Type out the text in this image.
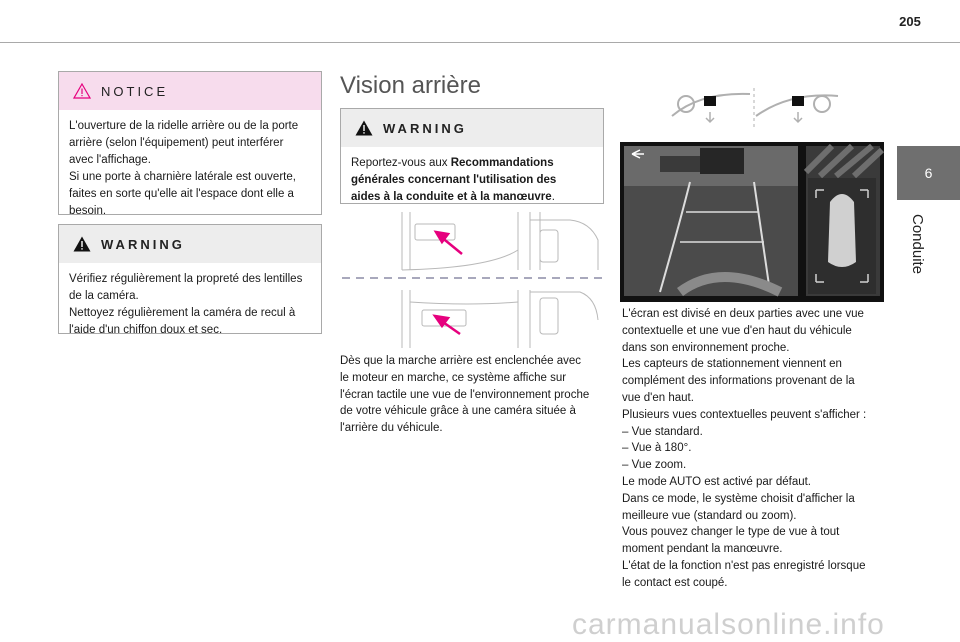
205
6
Conduite
NOTICE
L'ouverture de la ridelle arrière ou de la porte
arrière (selon l'équipement) peut interférer
avec l'affichage.
Si une porte à charnière latérale est ouverte,
faites en sorte qu'elle ait l'espace dont elle a
besoin.
WARNING
Vérifiez régulièrement la propreté des lentilles
de la caméra.
Nettoyez régulièrement la caméra de recul à
l'aide d'un chiffon doux et sec.
Vision arrière
WARNING
Reportez-vous aux Recommandations
générales concernant l'utilisation des
aides à la conduite et à la manœuvre.
Dès que la marche arrière est enclenchée avec
le moteur en marche, ce système affiche sur
l'écran tactile une vue de l'environnement proche
de votre véhicule grâce à une caméra située à
l'arrière du véhicule.
L'écran est divisé en deux parties avec une vue
contextuelle et une vue d'en haut du véhicule
dans son environnement proche.
Les capteurs de stationnement viennent en
complément des informations provenant de la
vue d'en haut.
Plusieurs vues contextuelles peuvent s'afficher :
– Vue standard.
– Vue à 180°.
– Vue zoom.
Le mode AUTO est activé par défaut.
Dans ce mode, le système choisit d'afficher la
meilleure vue (standard ou zoom).
Vous pouvez changer le type de vue à tout
moment pendant la manœuvre.
L'état de la fonction n'est pas enregistré lorsque
le contact est coupé.
carmanualsonline.info
